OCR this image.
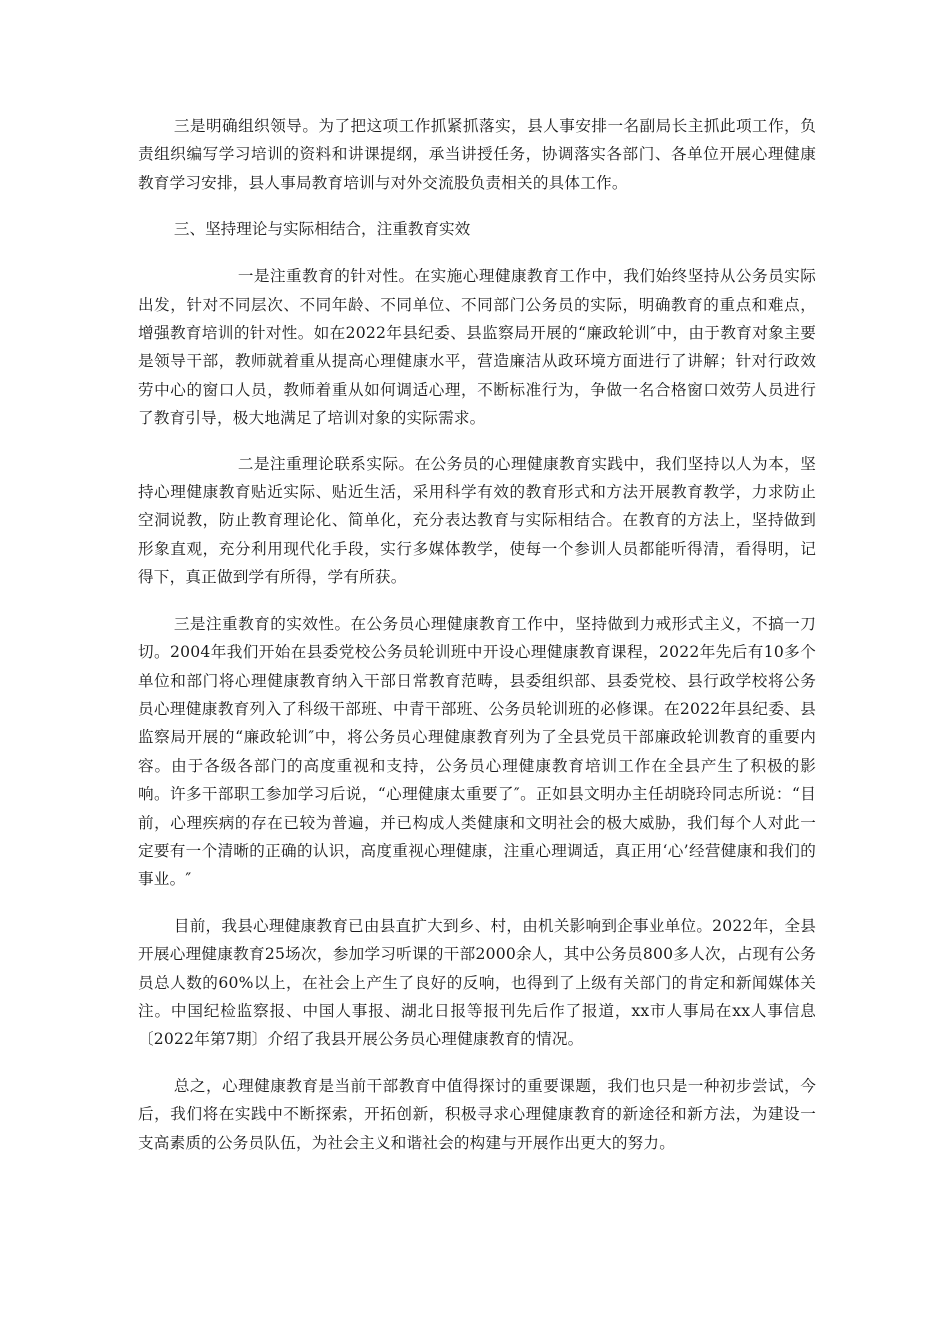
三是明确组织领导。为了把这项工作抓紧抓落实，县人事安排一名副局长主抓此项工作，负责组织编写学习培训的资料和讲课提纲，承当讲授任务，协调落实各部门、各单位开展心理健康教育学习安排，县人事局教育培训与对外交流股负责相关的具体工作。

三、坚持理论与实际相结合，注重教育实效

一是注重教育的针对性。在实施心理健康教育工作中，我们始终坚持从公务员实际出发，针对不同层次、不同年龄、不同单位、不同部门公务员的实际，明确教育的重点和难点，增强教育培训的针对性。如在2022年县纪委、县监察局开展的“廉政轮训″中，由于教育对象主要是领导干部，教师就着重从提高心理健康水平，营造廉洁从政环境方面进行了讲解；针对行政效劳中心的窗口人员，教师着重从如何调适心理，不断标准行为，争做一名合格窗口效劳人员进行了教育引导，极大地满足了培训对象的实际需求。

二是注重理论联系实际。在公务员的心理健康教育实践中，我们坚持以人为本，坚持心理健康教育贴近实际、贴近生活，采用科学有效的教育形式和方法开展教育教学，力求防止空洞说教，防止教育理论化、简单化，充分表达教育与实际相结合。在教育的方法上，坚持做到形象直观，充分利用现代化手段，实行多媒体教学，使每一个参训人员都能听得清，看得明，记得下，真正做到学有所得，学有所获。

三是注重教育的实效性。在公务员心理健康教育工作中，坚持做到力戒形式主义，不搞一刀切。2004年我们开始在县委党校公务员轮训班中开设心理健康教育课程，2022年先后有10多个单位和部门将心理健康教育纳入干部日常教育范畴，县委组织部、县委党校、县行政学校将公务员心理健康教育列入了科级干部班、中青干部班、公务员轮训班的必修课。在2022年县纪委、县监察局开展的“廉政轮训″中，将公务员心理健康教育列为了全县党员干部廉政轮训教育的重要内容。由于各级各部门的高度重视和支持，公务员心理健康教育培训工作在全县产生了积极的影响。许多干部职工参加学习后说，“心理健康太重要了″。正如县文明办主任胡晓玲同志所说：“目前，心理疾病的存在已较为普遍，并已构成人类健康和文明社会的极大威胁，我们每个人对此一定要有一个清晰的正确的认识，高度重视心理健康，注重心理调适，真正用‘心’经营健康和我们的事业。″

目前，我县心理健康教育已由县直扩大到乡、村，由机关影响到企事业单位。2022年，全县开展心理健康教育25场次，参加学习听课的干部2000余人，其中公务员800多人次，占现有公务员总人数的60%以上，在社会上产生了良好的反响，也得到了上级有关部门的肯定和新闻媒体关注。中国纪检监察报、中国人事报、湖北日报等报刊先后作了报道，xx市人事局在xx人事信息〔2022年第7期〕介绍了我县开展公务员心理健康教育的情况。

总之，心理健康教育是当前干部教育中值得探讨的重要课题，我们也只是一种初步尝试，今后，我们将在实践中不断探索，开拓创新，积极寻求心理健康教育的新途径和新方法，为建设一支高素质的公务员队伍，为社会主义和谐社会的构建与开展作出更大的努力。
